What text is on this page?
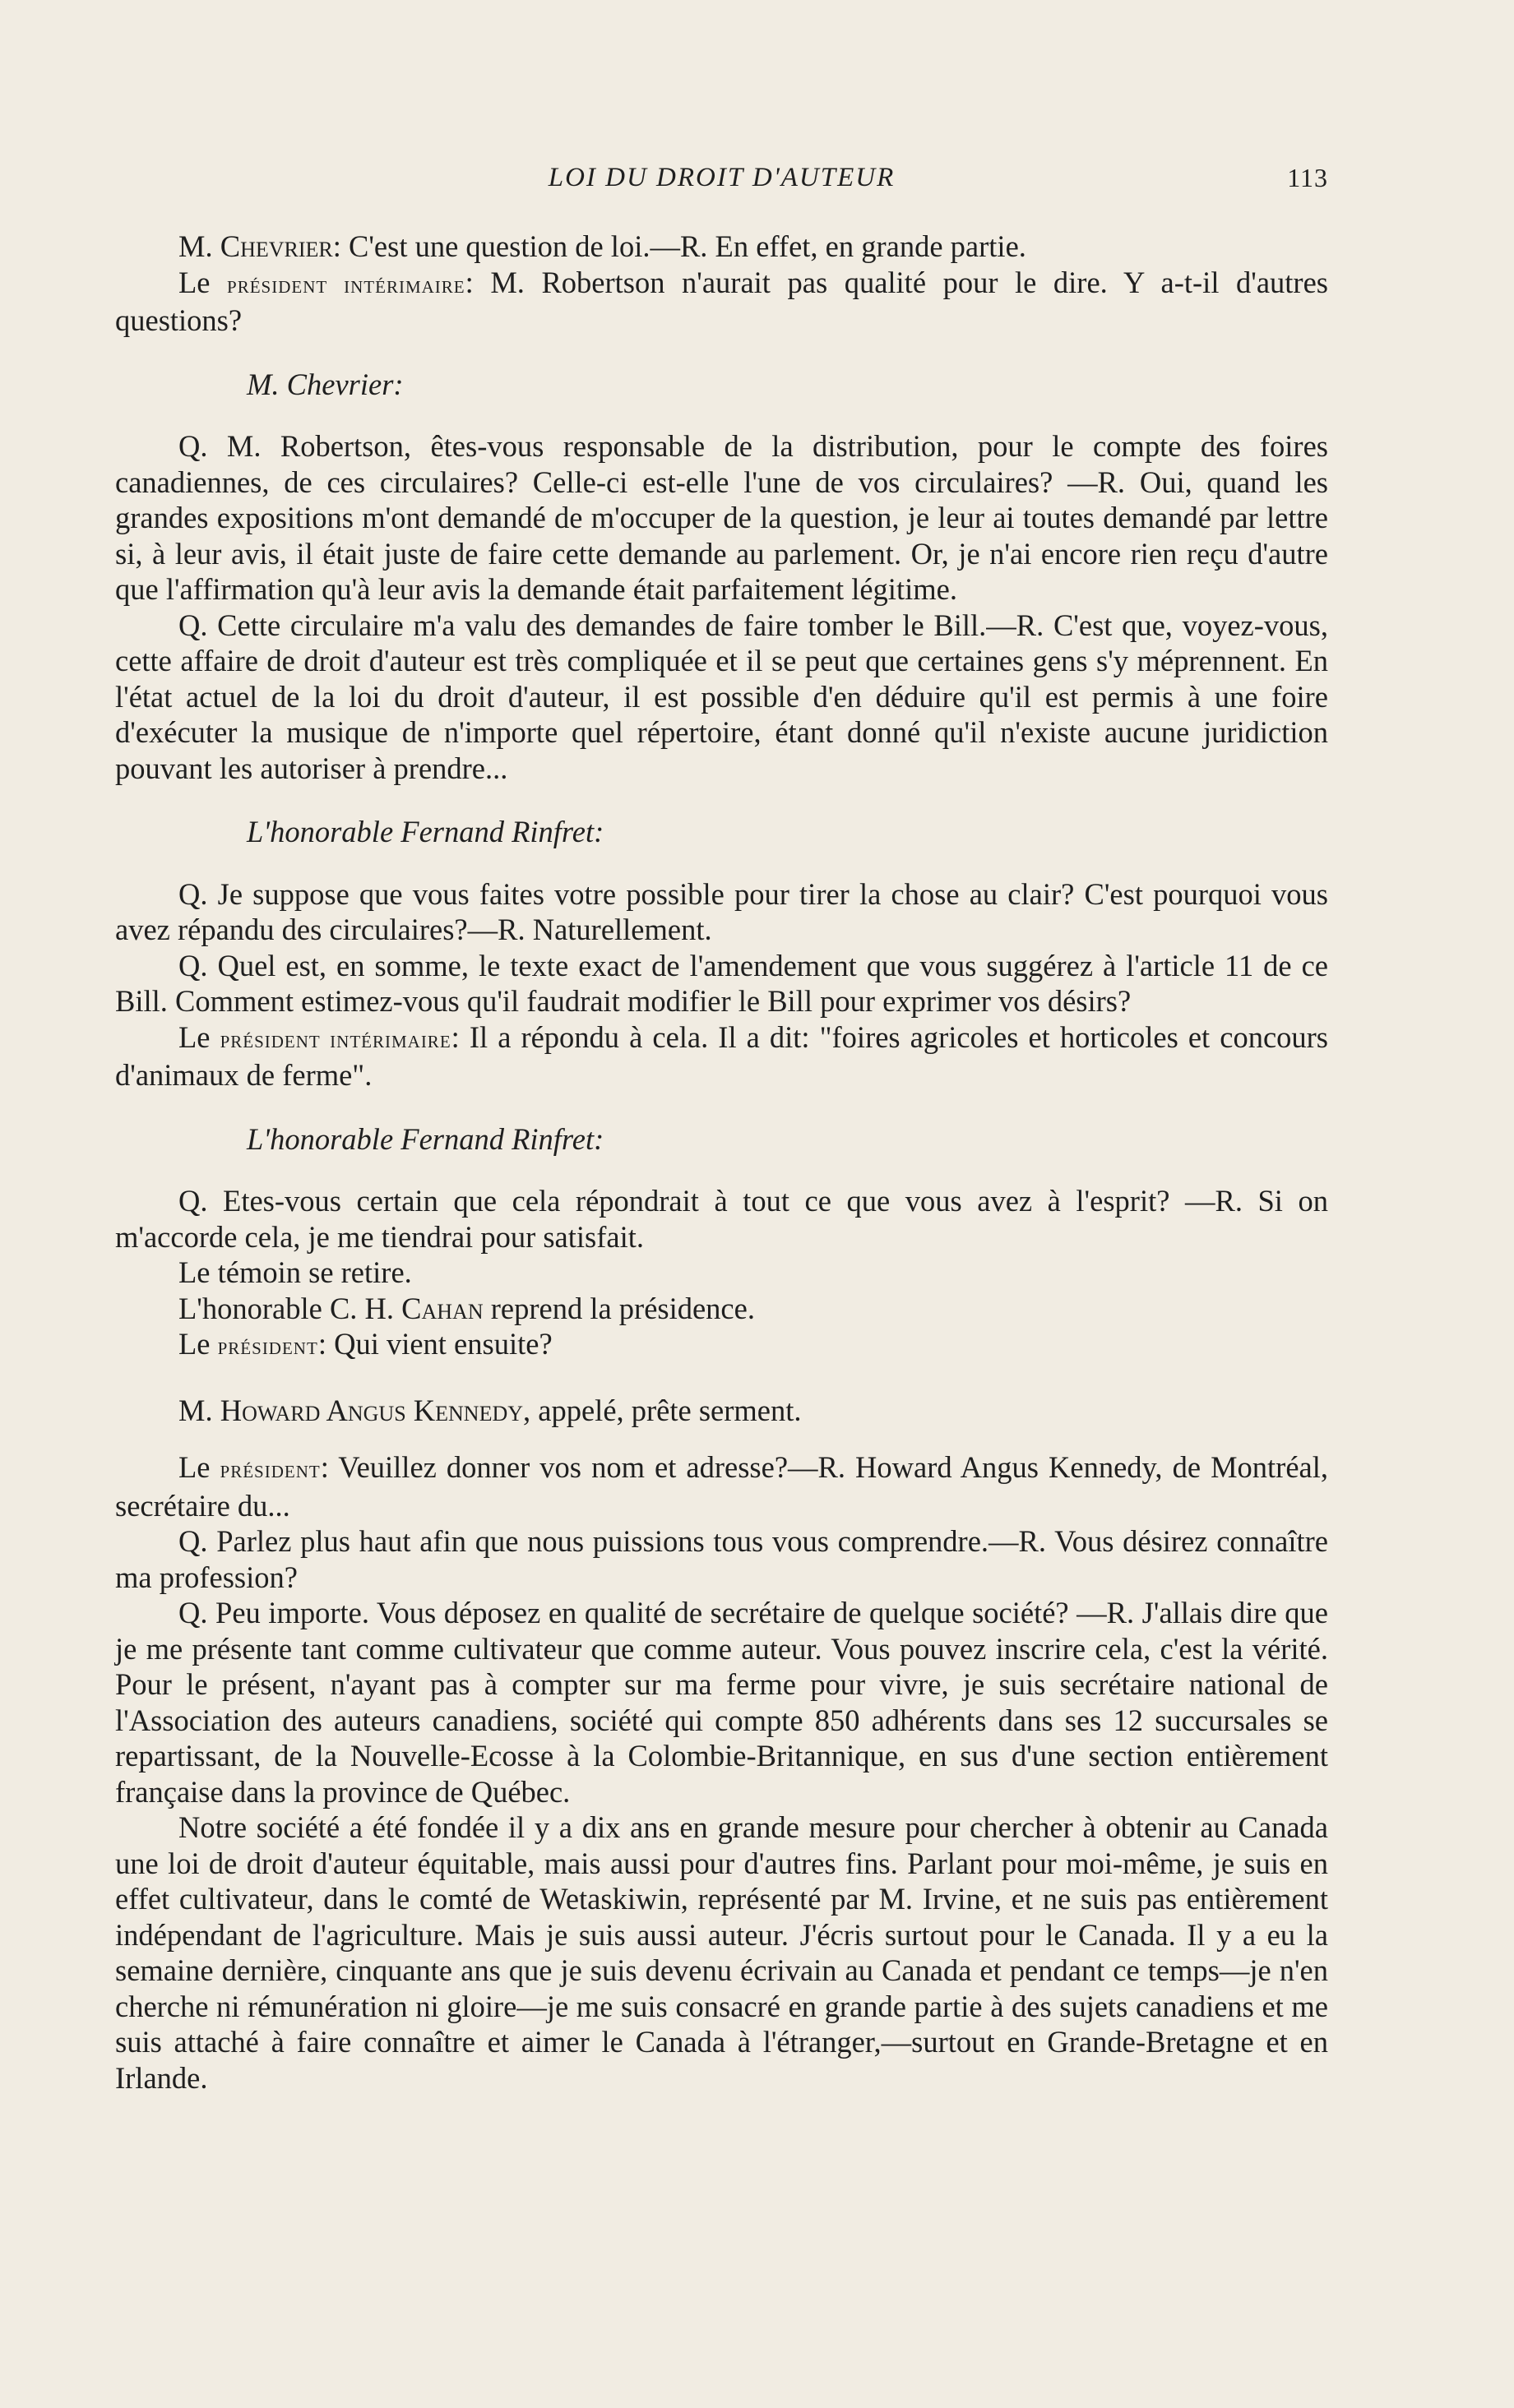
LOI DU DROIT D'AUTEUR	113

M. Chevrier: C'est une question de loi.—R. En effet, en grande partie.

Le président intérimaire: M. Robertson n'aurait pas qualité pour le dire. Y a-t-il d'autres questions?

M. Chevrier:

Q. M. Robertson, êtes-vous responsable de la distribution, pour le compte des foires canadiennes, de ces circulaires? Celle-ci est-elle l'une de vos circulaires? —R. Oui, quand les grandes expositions m'ont demandé de m'occuper de la question, je leur ai toutes demandé par lettre si, à leur avis, il était juste de faire cette demande au parlement. Or, je n'ai encore rien reçu d'autre que l'affirmation qu'à leur avis la demande était parfaitement légitime.

Q. Cette circulaire m'a valu des demandes de faire tomber le Bill.—R. C'est que, voyez-vous, cette affaire de droit d'auteur est très compliquée et il se peut que certaines gens s'y méprennent. En l'état actuel de la loi du droit d'auteur, il est possible d'en déduire qu'il est permis à une foire d'exécuter la musique de n'importe quel répertoire, étant donné qu'il n'existe aucune juridiction pouvant les autoriser à prendre...

L'honorable Fernand Rinfret:

Q. Je suppose que vous faites votre possible pour tirer la chose au clair? C'est pourquoi vous avez répandu des circulaires?—R. Naturellement.

Q. Quel est, en somme, le texte exact de l'amendement que vous suggérez à l'article 11 de ce Bill. Comment estimez-vous qu'il faudrait modifier le Bill pour exprimer vos désirs?

Le président intérimaire: Il a répondu à cela. Il a dit: "foires agricoles et horticoles et concours d'animaux de ferme".

L'honorable Fernand Rinfret:

Q. Etes-vous certain que cela répondrait à tout ce que vous avez à l'esprit? —R. Si on m'accorde cela, je me tiendrai pour satisfait.

Le témoin se retire.

L'honorable C. H. Cahan reprend la présidence.

Le président: Qui vient ensuite?

M. Howard Angus Kennedy, appelé, prête serment.

Le président: Veuillez donner vos nom et adresse?—R. Howard Angus Kennedy, de Montréal, secrétaire du...

Q. Parlez plus haut afin que nous puissions tous vous comprendre.—R. Vous désirez connaître ma profession?

Q. Peu importe. Vous déposez en qualité de secrétaire de quelque société? —R. J'allais dire que je me présente tant comme cultivateur que comme auteur. Vous pouvez inscrire cela, c'est la vérité. Pour le présent, n'ayant pas à compter sur ma ferme pour vivre, je suis secrétaire national de l'Association des auteurs canadiens, société qui compte 850 adhérents dans ses 12 succursales se repartissant, de la Nouvelle-Ecosse à la Colombie-Britannique, en sus d'une section entièrement française dans la province de Québec.

Notre société a été fondée il y a dix ans en grande mesure pour chercher à obtenir au Canada une loi de droit d'auteur équitable, mais aussi pour d'autres fins. Parlant pour moi-même, je suis en effet cultivateur, dans le comté de Wetaskiwin, représenté par M. Irvine, et ne suis pas entièrement indépendant de l'agriculture. Mais je suis aussi auteur. J'écris surtout pour le Canada. Il y a eu la semaine dernière, cinquante ans que je suis devenu écrivain au Canada et pendant ce temps—je n'en cherche ni rémunération ni gloire—je me suis consacré en grande partie à des sujets canadiens et me suis attaché à faire connaître et aimer le Canada à l'étranger,—surtout en Grande-Bretagne et en Irlande.
